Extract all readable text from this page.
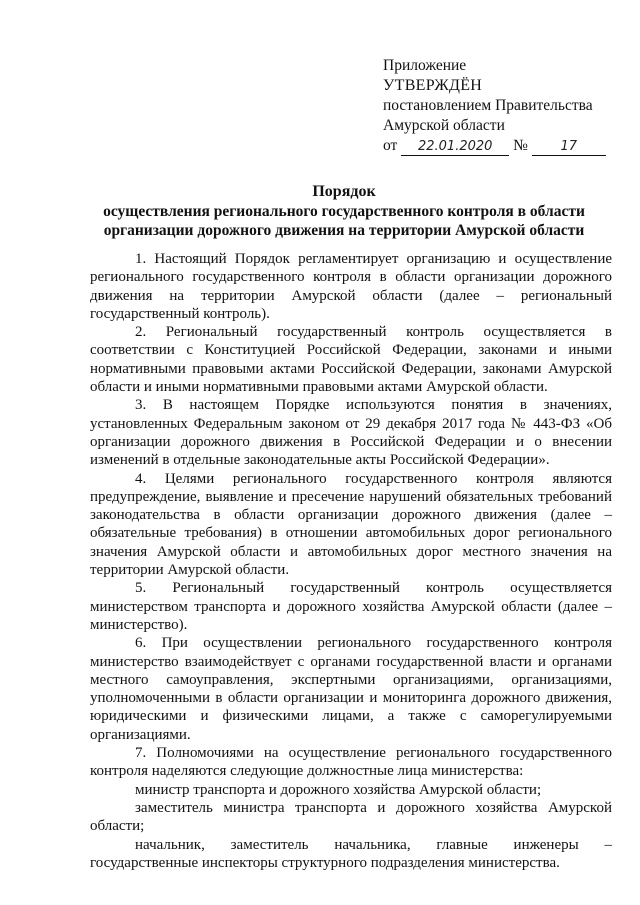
Приложение
УТВЕРЖДЁН
постановлением Правительства
Амурской области
от 22.01.2020 №	17
Порядок
осуществления регионального государственного контроля в области
организации дорожного движения на территории Амурской области

1. Настоящий Порядок регламентирует организацию и осуществление регионального государственного контроля в области организации дорожного движения на территории Амурской области (далее – региональный государственный контроль).

2. Региональный государственный контроль осуществляется в соответствии с Конституцией Российской Федерации, законами и иными нормативными правовыми актами Российской Федерации, законами Амурской области и иными нормативными правовыми актами Амурской области.

3. В настоящем Порядке используются понятия в значениях, установленных Федеральным законом от 29 декабря 2017 года № 443-ФЗ «Об организации дорожного движения в Российской Федерации и о внесении изменений в отдельные законодательные акты Российской Федерации».

4. Целями регионального государственного контроля являются предупреждение, выявление и пресечение нарушений обязательных требований законодательства в области организации дорожного движения (далее – обязательные требования) в отношении автомобильных дорог регионального значения Амурской области и автомобильных дорог местного значения на территории Амурской области.

5. Региональный государственный контроль осуществляется министерством транспорта и дорожного хозяйства Амурской области (далее – министерство).

6. При осуществлении регионального государственного контроля министерство взаимодействует с органами государственной власти и органами местного самоуправления, экспертными организациями, организациями, уполномоченными в области организации и мониторинга дорожного движения, юридическими и физическими лицами, а также с саморегулируемыми организациями.

7. Полномочиями на осуществление регионального государственного контроля наделяются следующие должностные лица министерства:

министр транспорта и дорожного хозяйства Амурской области;

заместитель министра транспорта и дорожного хозяйства Амурской области;

начальник, заместитель начальника, главные инженеры – государственные инспекторы структурного подразделения министерства.
